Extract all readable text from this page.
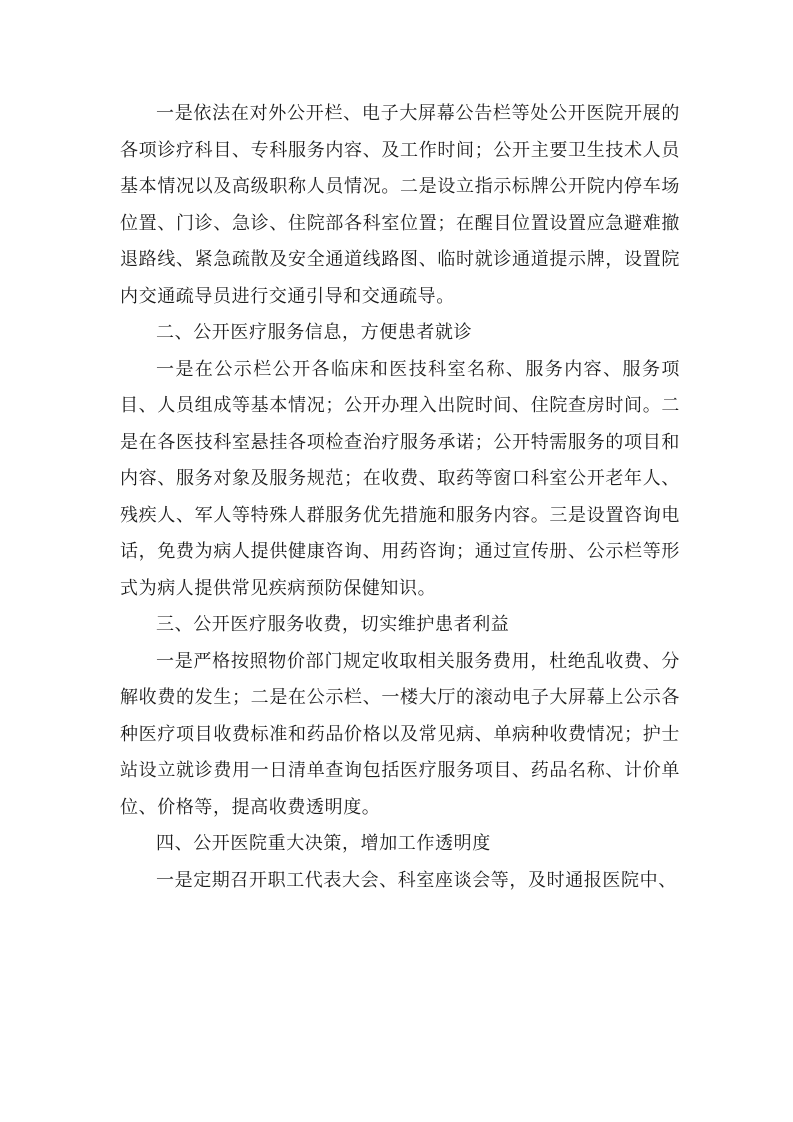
一是依法在对外公开栏、电子大屏幕公告栏等处公开医院开展的各项诊疗科目、专科服务内容、及工作时间；公开主要卫生技术人员基本情况以及高级职称人员情况。二是设立指示标牌公开院内停车场位置、门诊、急诊、住院部各科室位置；在醒目位置设置应急避难撤退路线、紧急疏散及安全通道线路图、临时就诊通道提示牌，设置院内交通疏导员进行交通引导和交通疏导。

二、公开医疗服务信息，方便患者就诊

一是在公示栏公开各临床和医技科室名称、服务内容、服务项目、人员组成等基本情况；公开办理入出院时间、住院查房时间。二是在各医技科室悬挂各项检查治疗服务承诺；公开特需服务的项目和内容、服务对象及服务规范；在收费、取药等窗口科室公开老年人、残疾人、军人等特殊人群服务优先措施和服务内容。三是设置咨询电话，免费为病人提供健康咨询、用药咨询；通过宣传册、公示栏等形式为病人提供常见疾病预防保健知识。

三、公开医疗服务收费，切实维护患者利益

一是严格按照物价部门规定收取相关服务费用，杜绝乱收费、分解收费的发生；二是在公示栏、一楼大厅的滚动电子大屏幕上公示各种医疗项目收费标准和药品价格以及常见病、单病种收费情况；护士站设立就诊费用一日清单查询包括医疗服务项目、药品名称、计价单位、价格等，提高收费透明度。

四、公开医院重大决策，增加工作透明度

一是定期召开职工代表大会、科室座谈会等，及时通报医院中、
